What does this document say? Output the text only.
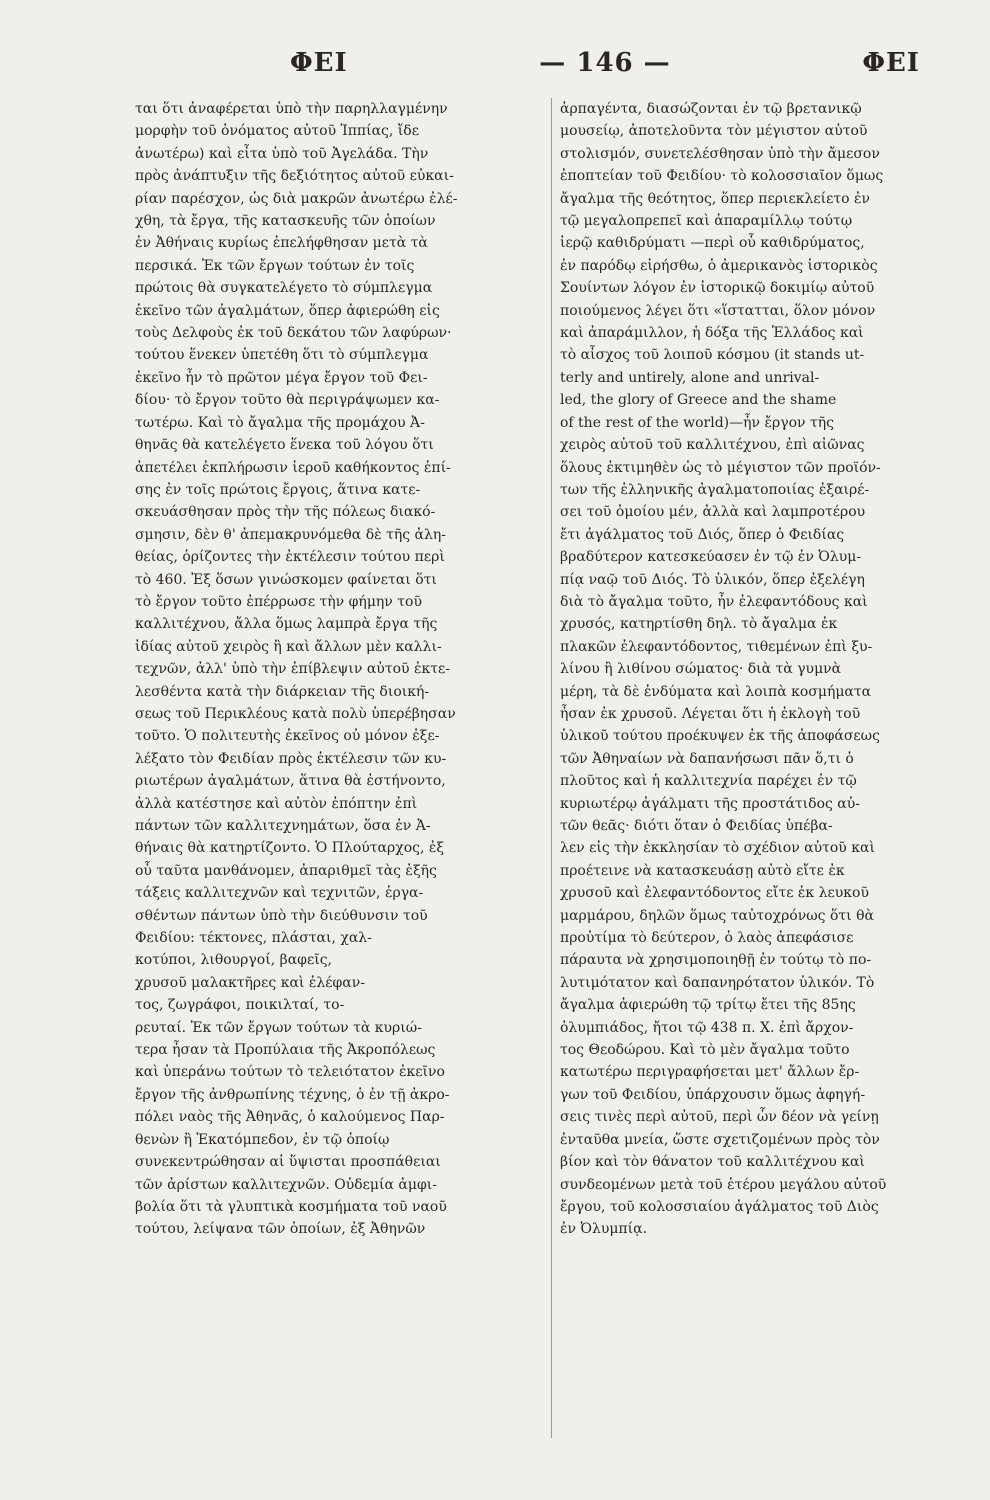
ΦΕΙ	— 146 —	ΦΕΙ

ται ὅτι ἀναφέρεται ὑπὸ τὴν παρηλλαγμένην
μορφὴν τοῦ ὀνόματος αὐτοῦ Ἱππίας, ἴδε
ἀνωτέρω) καὶ εἶτα ὑπὸ τοῦ Ἀγελάδα. Τὴν
πρὸς ἀνάπτυξιν τῆς δεξιότητος αὐτοῦ εὐκαι-
ρίαν παρέσχον, ὡς διὰ μακρῶν ἀνωτέρω ἐλέ-
χθη, τὰ ἔργα, τῆς κατασκευῆς τῶν ὁποίων
ἐν Ἀθήναις κυρίως ἐπελήφθησαν μετὰ τὰ
περσικά. Ἐκ τῶν ἔργων τούτων ἐν τοῖς
πρώτοις θὰ συγκατελέγετο τὸ σύμπλεγμα
ἐκεῖνο τῶν ἀγαλμάτων, ὅπερ ἀφιερώθη εἰς
τοὺς Δελφοὺς ἐκ τοῦ δεκάτου τῶν λαφύρων·
τούτου ἕνεκεν ὑπετέθη ὅτι τὸ σύμπλεγμα
ἐκεῖνο ἦν τὸ πρῶτον μέγα ἔργον τοῦ Φει-
δίου· τὸ ἔργον τοῦτο θὰ περιγράψωμεν κα-
τωτέρω. Καὶ τὸ ἄγαλμα τῆς προμάχου Ἀ-
θηνᾶς θὰ κατελέγετο ἕνεκα τοῦ λόγου ὅτι
ἀπετέλει ἐκπλήρωσιν ἱεροῦ καθήκοντος ἐπί-
σης ἐν τοῖς πρώτοις ἔργοις, ἅτινα κατε-
σκευάσθησαν πρὸς τὴν τῆς πόλεως διακό-
σμησιν, δὲν θ' ἀπεμακρυνόμεθα δὲ τῆς ἀλη-
θείας, ὁρίζοντες τὴν ἐκτέλεσιν τούτου περὶ
τὸ 460. Ἐξ ὅσων γινώσκομεν φαίνεται ὅτι
τὸ ἔργον τοῦτο ἐπέρρωσε τὴν φήμην τοῦ
καλλιτέχνου, ἄλλα ὅμως λαμπρὰ ἔργα τῆς
ἰδίας αὐτοῦ χειρὸς ἢ καὶ ἄλλων μὲν καλλι-
τεχνῶν, ἀλλ' ὑπὸ τὴν ἐπίβλεψιν αὐτοῦ ἐκτε-
λεσθέντα κατὰ τὴν διάρκειαν τῆς διοική-
σεως τοῦ Περικλέους κατὰ πολὺ ὑπερέβησαν
τοῦτο. Ὁ πολιτευτὴς ἐκεῖνος οὐ μόνον ἐξε-
λέξατο τὸν Φειδίαν πρὸς ἐκτέλεσιν τῶν κυ-
ριωτέρων ἀγαλμάτων, ἅτινα θὰ ἐστήνοντο,
ἀλλὰ κατέστησε καὶ αὐτὸν ἐπόπτην ἐπὶ
πάντων τῶν καλλιτεχνημάτων, ὅσα ἐν Ἀ-
θήναις θὰ κατηρτίζοντο. Ὁ Πλούταρχος, ἐξ
οὗ ταῦτα μανθάνομεν, ἀπαριθμεῖ τὰς ἐξῆς
τάξεις καλλιτεχνῶν καὶ τεχνιτῶν, ἐργα-
σθέντων πάντων ὑπὸ τὴν διεύθυνσιν τοῦ
Φειδίου: τέκτονες, πλάσται, χαλ-
κοτύποι, λιθουργοί, βαφεῖς,
χρυσοῦ μαλακτῆρες καὶ ἐλέφαν-
τος, ζωγράφοι, ποικιλταί, το-
ρευταί. Ἐκ τῶν ἔργων τούτων τὰ κυριώ-
τερα ἦσαν τὰ Προπύλαια τῆς Ἀκροπόλεως
καὶ ὑπεράνω τούτων τὸ τελειότατον ἐκεῖνο
ἔργον τῆς ἀνθρωπίνης τέχνης, ὁ ἐν τῇ ἀκρο-
πόλει ναὸς τῆς Ἀθηνᾶς, ὁ καλούμενος Παρ-
θενὼν ἢ Ἑκατόμπεδον, ἐν τῷ ὁποίῳ
συνεκεντρώθησαν αἱ ὕψισται προσπάθειαι
τῶν ἀρίστων καλλιτεχνῶν. Οὐδεμία ἀμφι-
βολία ὅτι τὰ γλυπτικὰ κοσμήματα τοῦ ναοῦ
τούτου, λείψανα τῶν ὁποίων, ἐξ Ἀθηνῶν

ἁρπαγέντα, διασώζονται ἐν τῷ βρετανικῷ
μουσείῳ, ἀποτελοῦντα τὸν μέγιστον αὐτοῦ
στολισμόν, συνετελέσθησαν ὑπὸ τὴν ἄμεσον
ἐποπτείαν τοῦ Φειδίου· τὸ κολοσσιαῖον ὅμως
ἄγαλμα τῆς θεότητος, ὅπερ περιεκλείετο ἐν
τῷ μεγαλοπρεπεῖ καὶ ἀπαραμίλλῳ τούτῳ
ἱερῷ καθιδρύματι —περὶ οὗ καθιδρύματος,
ἐν παρόδῳ εἰρήσθω, ὁ ἀμερικανὸς ἱστορικὸς
Σουίντων λόγον ἐν ἱστορικῷ δοκιμίῳ αὐτοῦ
ποιούμενος λέγει ὅτι «ἵστατται, ὅλον μόνον
καὶ ἀπαράμιλλον, ἡ δόξα τῆς Ἑλλάδος καὶ
τὸ αἶσχος τοῦ λοιποῦ κόσμου (it stands ut-
terly and untirely, alone and unrival-
led, the glory of Greece and the shame
of the rest of the world)—ἦν ἔργον τῆς
χειρὸς αὐτοῦ τοῦ καλλιτέχνου, ἐπὶ αἰῶνας
ὅλους ἐκτιμηθὲν ὡς τὸ μέγιστον τῶν προϊόν-
των τῆς ἑλληνικῆς ἀγαλματοποιίας ἐξαιρέ-
σει τοῦ ὁμοίου μέν, ἀλλὰ καὶ λαμπροτέρου
ἔτι ἀγάλματος τοῦ Διός, ὅπερ ὁ Φειδίας
βραδύτερον κατεσκεύασεν ἐν τῷ ἐν Ὀλυμ-
πίᾳ ναῷ τοῦ Διός. Τὸ ὑλικόν, ὅπερ ἐξελέγη
διὰ τὸ ἄγαλμα τοῦτο, ἦν ἐλεφαντόδους καὶ
χρυσός, κατηρτίσθη δηλ. τὸ ἄγαλμα ἐκ
πλακῶν ἐλεφαντόδοντος, τιθεμένων ἐπὶ ξυ-
λίνου ἢ λιθίνου σώματος· διὰ τὰ γυμνὰ
μέρη, τὰ δὲ ἐνδύματα καὶ λοιπὰ κοσμήματα
ἦσαν ἐκ χρυσοῦ. Λέγεται ὅτι ἡ ἐκλογὴ τοῦ
ὑλικοῦ τούτου προέκυψεν ἐκ τῆς ἀποφάσεως
τῶν Ἀθηναίων νὰ δαπανήσωσι πᾶν ὅ,τι ὁ
πλοῦτος καὶ ἡ καλλιτεχνία παρέχει ἐν τῷ
κυριωτέρῳ ἀγάλματι τῆς προστάτιδος αὐ-
τῶν θεᾶς· διότι ὅταν ὁ Φειδίας ὑπέβα-
λεν εἰς τὴν ἐκκλησίαν τὸ σχέδιον αὐτοῦ καὶ
προέτεινε νὰ κατασκευάσῃ αὐτὸ εἴτε ἐκ
χρυσοῦ καὶ ἐλεφαντόδοντος εἴτε ἐκ λευκοῦ
μαρμάρου, δηλῶν ὅμως ταὐτοχρόνως ὅτι θὰ
προὐτίμα τὸ δεύτερον, ὁ λαὸς ἀπεφάσισε
πάραυτα νὰ χρησιμοποιηθῇ ἐν τούτῳ τὸ πο-
λυτιμότατον καὶ δαπανηρότατον ὑλικόν. Τὸ
ἄγαλμα ἀφιερώθη τῷ τρίτῳ ἔτει τῆς 85ης
ὀλυμπιάδος, ἤτοι τῷ 438 π. Χ. ἐπὶ ἄρχον-
τος Θεοδώρου. Καὶ τὸ μὲν ἄγαλμα τοῦτο
κατωτέρω περιγραφήσεται μετ' ἄλλων ἔρ-
γων τοῦ Φειδίου, ὑπάρχουσιν ὅμως ἀφηγή-
σεις τινὲς περὶ αὐτοῦ, περὶ ὧν δέον νὰ γείνῃ
ἐνταῦθα μνεία, ὥστε σχετιζομένων πρὸς τὸν
βίον καὶ τὸν θάνατον τοῦ καλλιτέχνου καὶ
συνδεομένων μετὰ τοῦ ἑτέρου μεγάλου αὐτοῦ
ἔργου, τοῦ κολοσσιαίου ἀγάλματος τοῦ Διὸς
ἐν Ὀλυμπίᾳ.
